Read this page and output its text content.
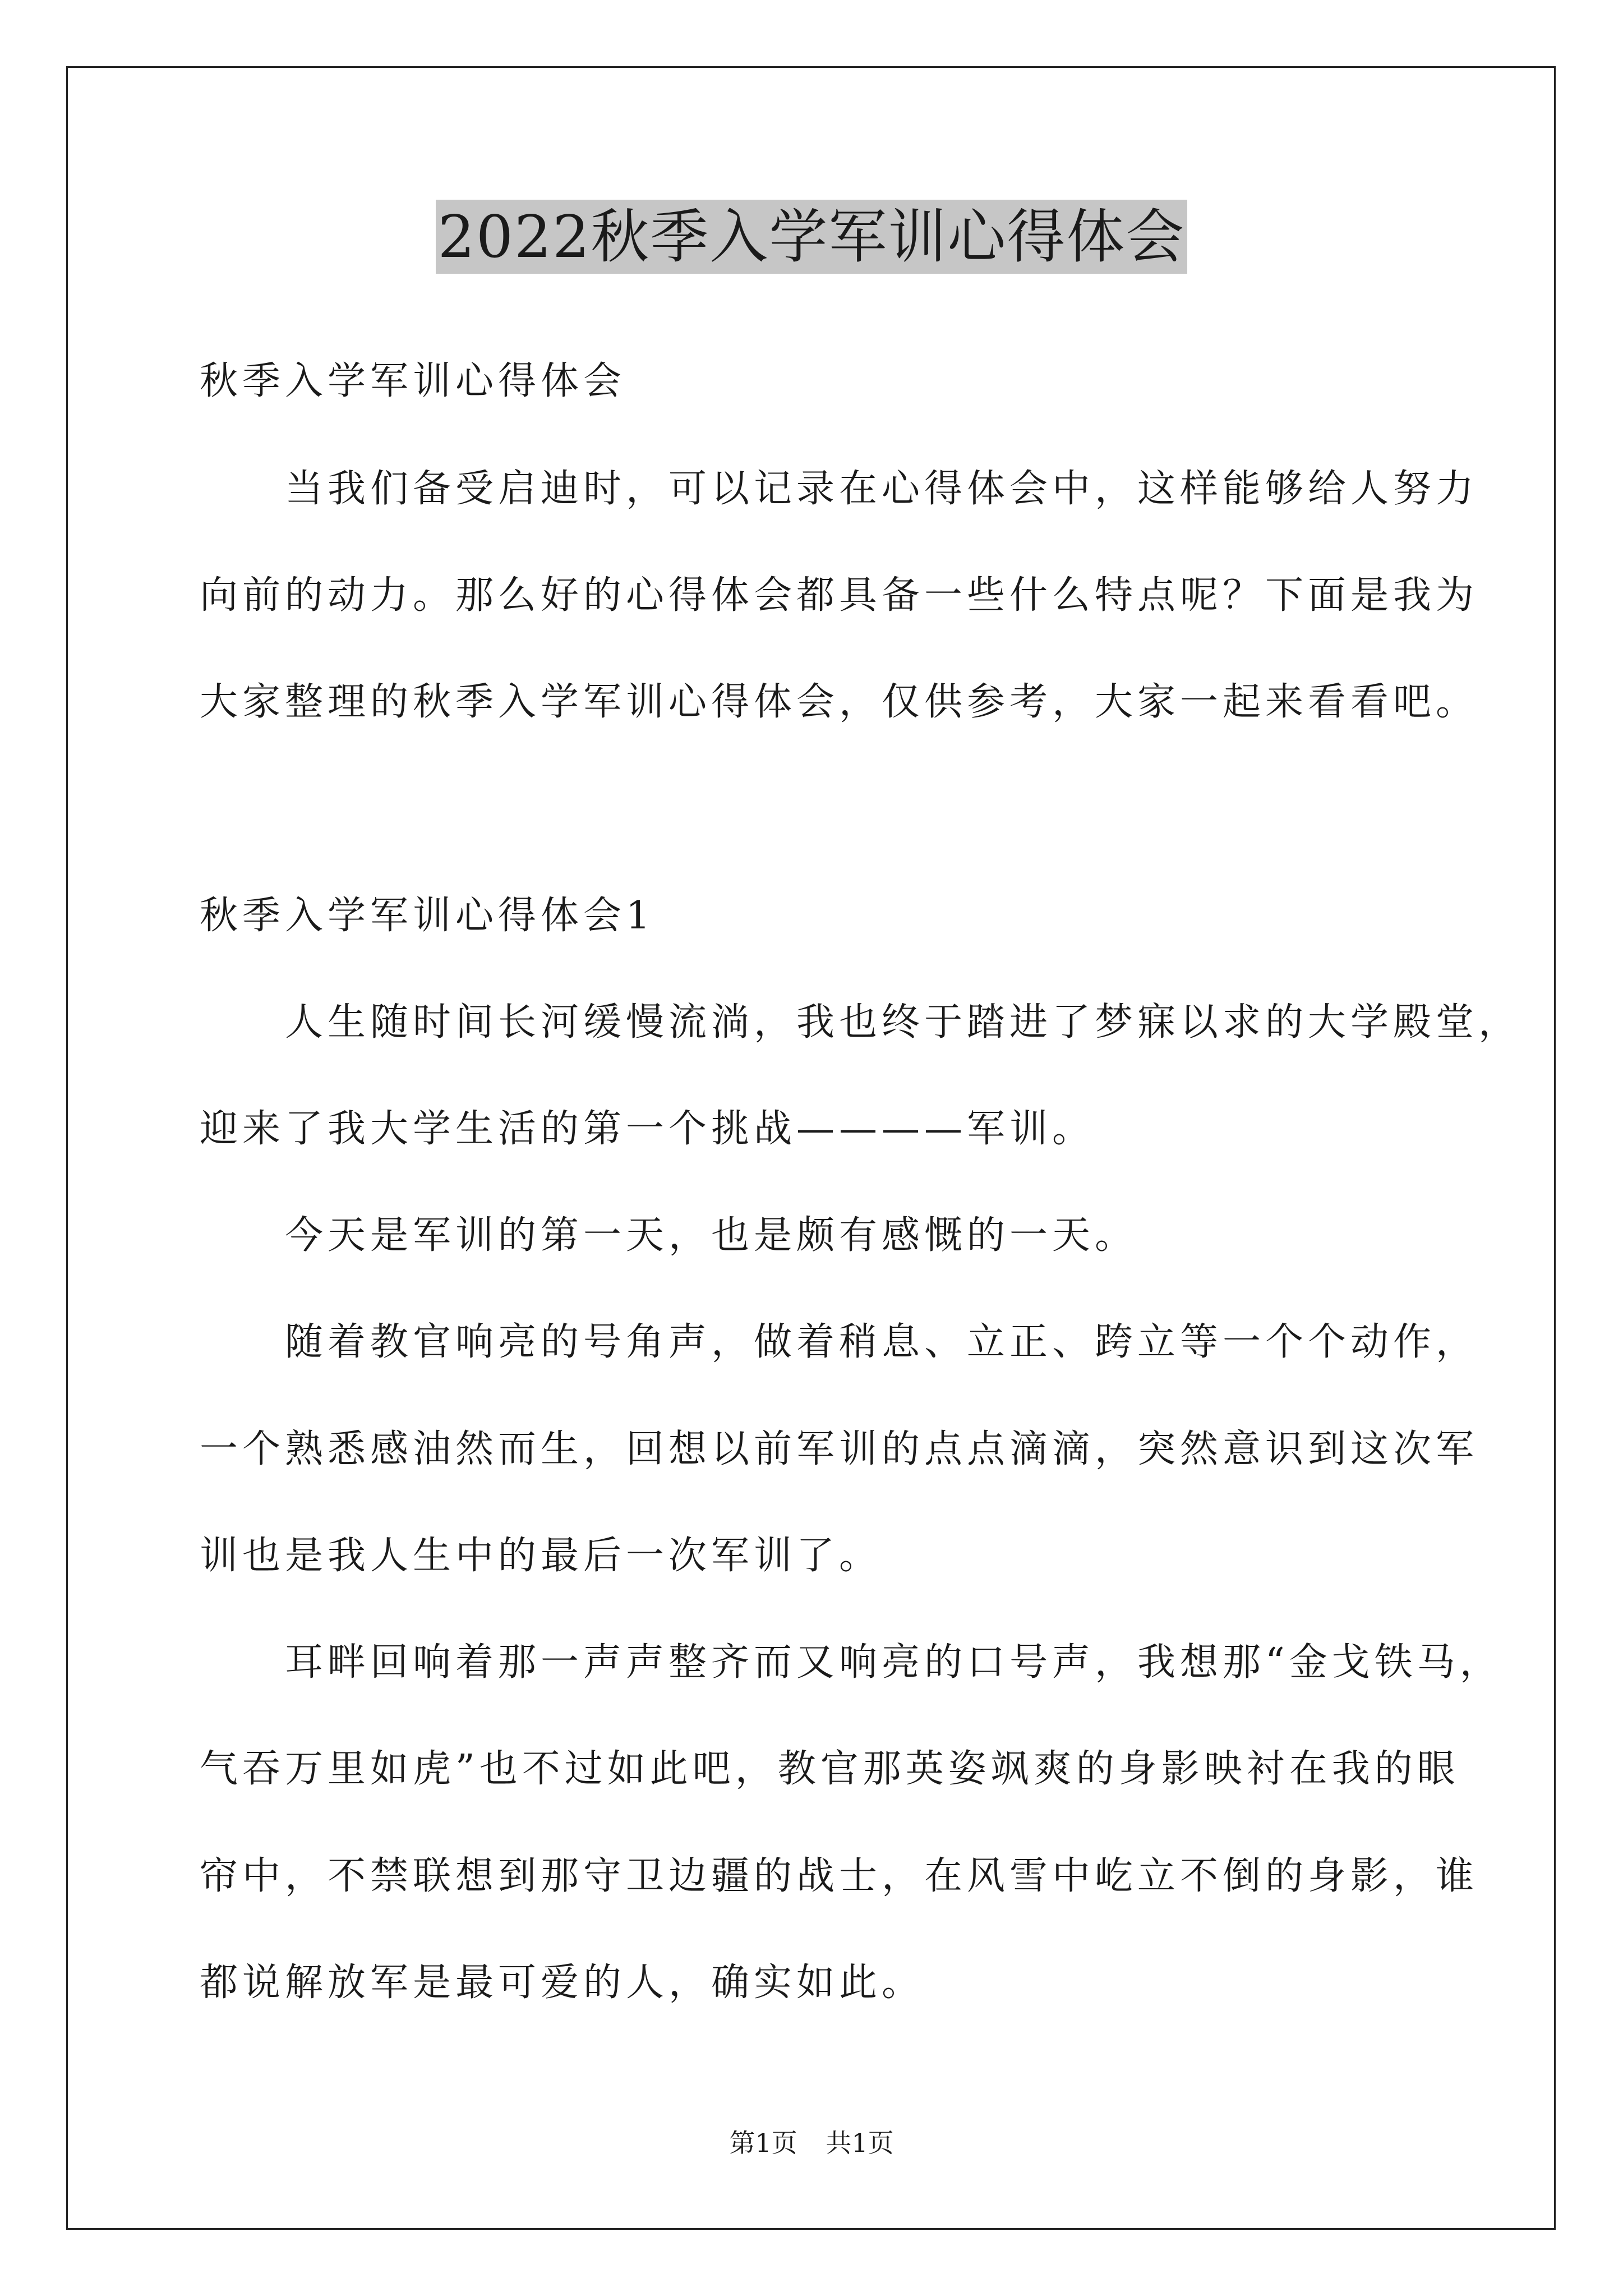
2022秋季入学军训心得体会
秋季入学军训心得体会
　　当我们备受启迪时，可以记录在心得体会中，这样能够给人努力
向前的动力。那么好的心得体会都具备一些什么特点呢？下面是我为
大家整理的秋季入学军训心得体会，仅供参考，大家一起来看看吧。
秋季入学军训心得体会1
　　人生随时间长河缓慢流淌，我也终于踏进了梦寐以求的大学殿堂，
迎来了我大学生活的第一个挑战————军训。
　　今天是军训的第一天，也是颇有感慨的一天。
　　随着教官响亮的号角声，做着稍息、立正、跨立等一个个动作，
一个熟悉感油然而生，回想以前军训的点点滴滴，突然意识到这次军
训也是我人生中的最后一次军训了。
　　耳畔回响着那一声声整齐而又响亮的口号声，我想那“金戈铁马，
气吞万里如虎”也不过如此吧，教官那英姿飒爽的身影映衬在我的眼
帘中，不禁联想到那守卫边疆的战士，在风雪中屹立不倒的身影，谁
都说解放军是最可爱的人，确实如此。
第1页 共1页
